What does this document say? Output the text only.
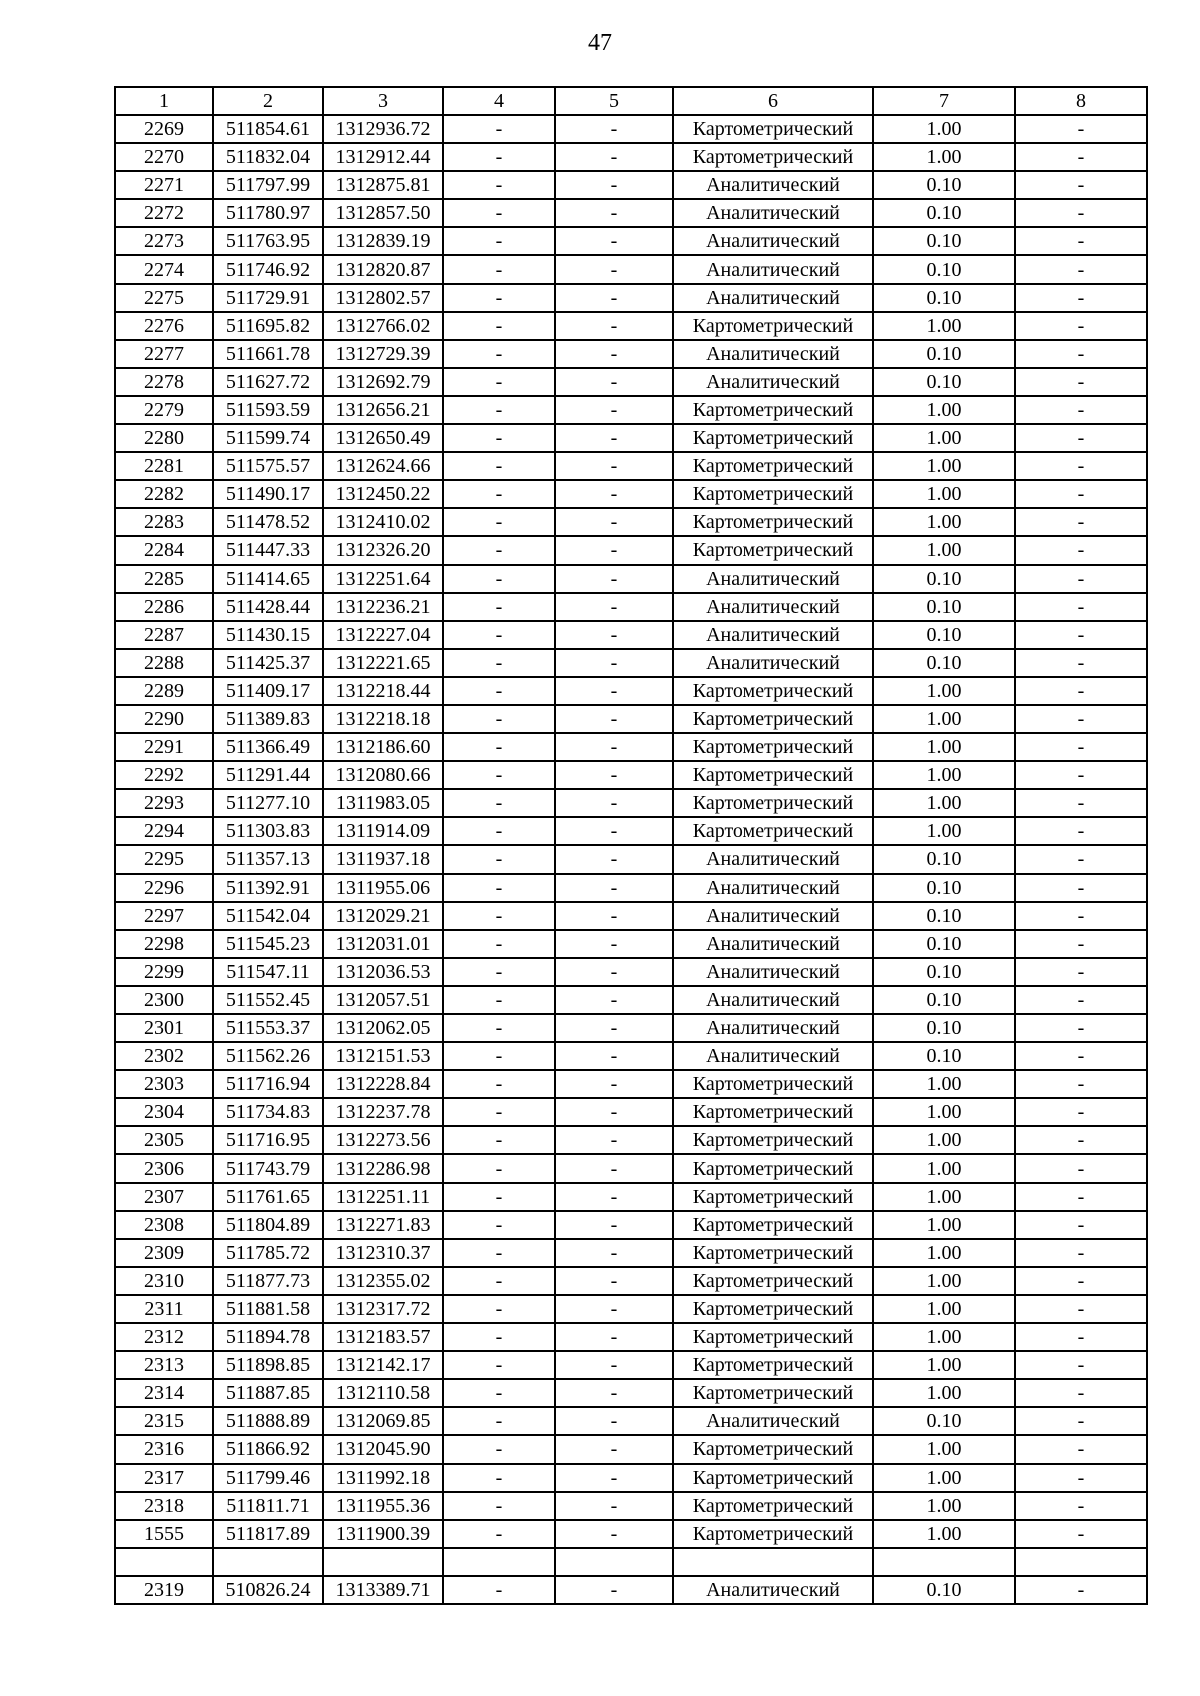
47
1	2	3	4	5	6	7	8
2269	511854.61	1312936.72	-	-	Картометрический	1.00	-
2270	511832.04	1312912.44	-	-	Картометрический	1.00	-
2271	511797.99	1312875.81	-	-	Аналитический	0.10	-
2272	511780.97	1312857.50	-	-	Аналитический	0.10	-
2273	511763.95	1312839.19	-	-	Аналитический	0.10	-
2274	511746.92	1312820.87	-	-	Аналитический	0.10	-
2275	511729.91	1312802.57	-	-	Аналитический	0.10	-
2276	511695.82	1312766.02	-	-	Картометрический	1.00	-
2277	511661.78	1312729.39	-	-	Аналитический	0.10	-
2278	511627.72	1312692.79	-	-	Аналитический	0.10	-
2279	511593.59	1312656.21	-	-	Картометрический	1.00	-
2280	511599.74	1312650.49	-	-	Картометрический	1.00	-
2281	511575.57	1312624.66	-	-	Картометрический	1.00	-
2282	511490.17	1312450.22	-	-	Картометрический	1.00	-
2283	511478.52	1312410.02	-	-	Картометрический	1.00	-
2284	511447.33	1312326.20	-	-	Картометрический	1.00	-
2285	511414.65	1312251.64	-	-	Аналитический	0.10	-
2286	511428.44	1312236.21	-	-	Аналитический	0.10	-
2287	511430.15	1312227.04	-	-	Аналитический	0.10	-
2288	511425.37	1312221.65	-	-	Аналитический	0.10	-
2289	511409.17	1312218.44	-	-	Картометрический	1.00	-
2290	511389.83	1312218.18	-	-	Картометрический	1.00	-
2291	511366.49	1312186.60	-	-	Картометрический	1.00	-
2292	511291.44	1312080.66	-	-	Картометрический	1.00	-
2293	511277.10	1311983.05	-	-	Картометрический	1.00	-
2294	511303.83	1311914.09	-	-	Картометрический	1.00	-
2295	511357.13	1311937.18	-	-	Аналитический	0.10	-
2296	511392.91	1311955.06	-	-	Аналитический	0.10	-
2297	511542.04	1312029.21	-	-	Аналитический	0.10	-
2298	511545.23	1312031.01	-	-	Аналитический	0.10	-
2299	511547.11	1312036.53	-	-	Аналитический	0.10	-
2300	511552.45	1312057.51	-	-	Аналитический	0.10	-
2301	511553.37	1312062.05	-	-	Аналитический	0.10	-
2302	511562.26	1312151.53	-	-	Аналитический	0.10	-
2303	511716.94	1312228.84	-	-	Картометрический	1.00	-
2304	511734.83	1312237.78	-	-	Картометрический	1.00	-
2305	511716.95	1312273.56	-	-	Картометрический	1.00	-
2306	511743.79	1312286.98	-	-	Картометрический	1.00	-
2307	511761.65	1312251.11	-	-	Картометрический	1.00	-
2308	511804.89	1312271.83	-	-	Картометрический	1.00	-
2309	511785.72	1312310.37	-	-	Картометрический	1.00	-
2310	511877.73	1312355.02	-	-	Картометрический	1.00	-
2311	511881.58	1312317.72	-	-	Картометрический	1.00	-
2312	511894.78	1312183.57	-	-	Картометрический	1.00	-
2313	511898.85	1312142.17	-	-	Картометрический	1.00	-
2314	511887.85	1312110.58	-	-	Картометрический	1.00	-
2315	511888.89	1312069.85	-	-	Аналитический	0.10	-
2316	511866.92	1312045.90	-	-	Картометрический	1.00	-
2317	511799.46	1311992.18	-	-	Картометрический	1.00	-
2318	511811.71	1311955.36	-	-	Картометрический	1.00	-
1555	511817.89	1311900.39	-	-	Картометрический	1.00	-

2319	510826.24	1313389.71	-	-	Аналитический	0.10	-
